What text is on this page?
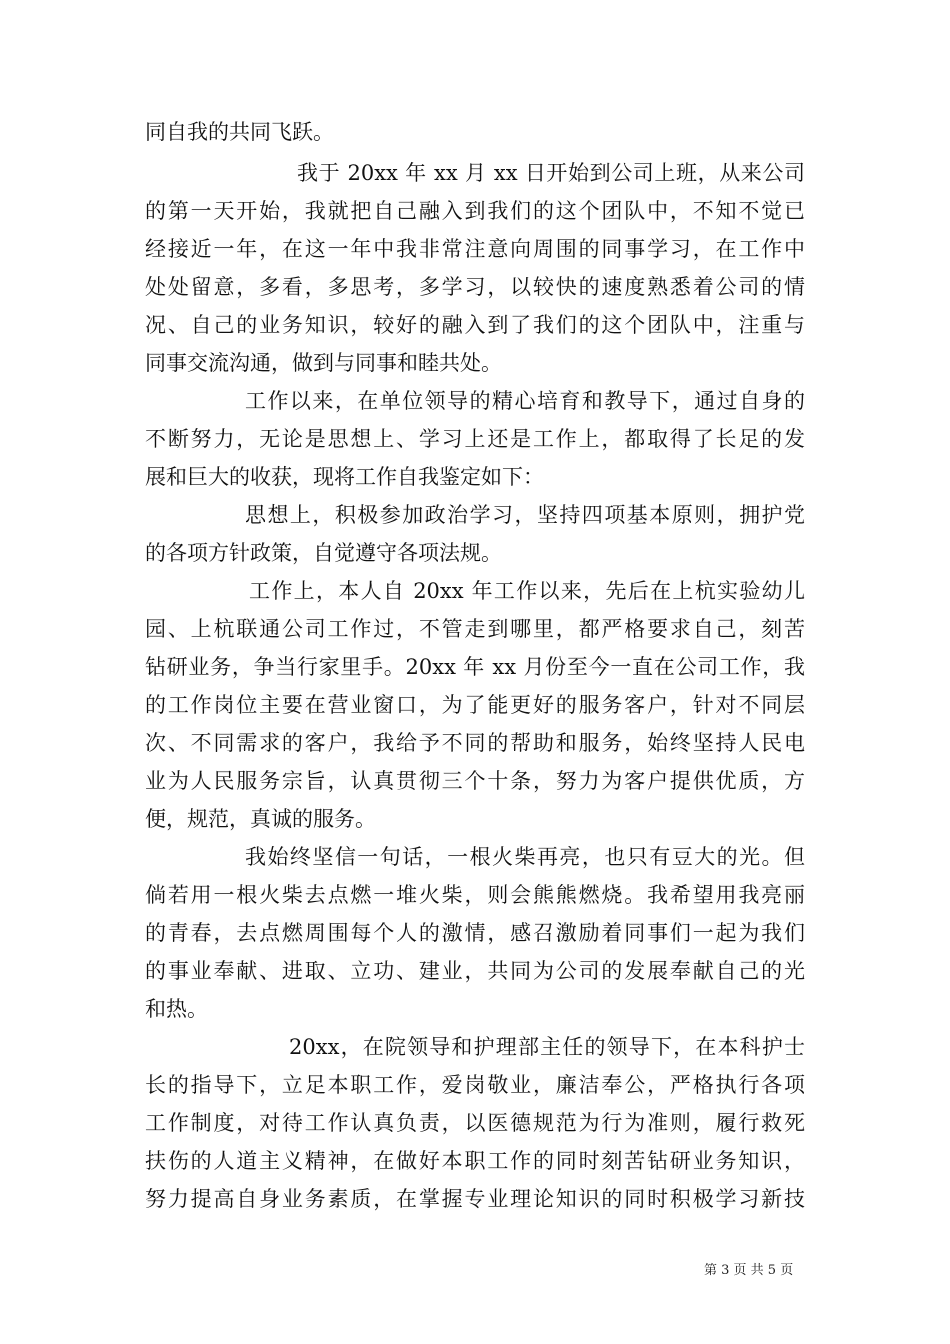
同自我的共同飞跃。
我于 20xx 年 xx 月 xx 日开始到公司上班，从来公司
的第一天开始，我就把自己融入到我们的这个团队中，不知不觉已
经接近一年，在这一年中我非常注意向周围的同事学习，在工作中
处处留意，多看，多思考，多学习，以较快的速度熟悉着公司的情
况、自己的业务知识，较好的融入到了我们的这个团队中，注重与
同事交流沟通，做到与同事和睦共处。
工作以来，在单位领导的精心培育和教导下，通过自身的
不断努力，无论是思想上、学习上还是工作上，都取得了长足的发
展和巨大的收获，现将工作自我鉴定如下：
思想上，积极参加政治学习，坚持四项基本原则，拥护党
的各项方针政策，自觉遵守各项法规。
工作上，本人自 20xx 年工作以来，先后在上杭实验幼儿
园、上杭联通公司工作过，不管走到哪里，都严格要求自己，刻苦
钻研业务，争当行家里手。20xx 年 xx 月份至今一直在公司工作，我
的工作岗位主要在营业窗口，为了能更好的服务客户，针对不同层
次、不同需求的客户，我给予不同的帮助和服务，始终坚持人民电
业为人民服务宗旨，认真贯彻三个十条，努力为客户提供优质，方
便，规范，真诚的服务。
我始终坚信一句话，一根火柴再亮，也只有豆大的光。但
倘若用一根火柴去点燃一堆火柴，则会熊熊燃烧。我希望用我亮丽
的青春，去点燃周围每个人的激情，感召激励着同事们一起为我们
的事业奉献、进取、立功、建业，共同为公司的发展奉献自己的光
和热。
20xx，在院领导和护理部主任的领导下，在本科护士
长的指导下，立足本职工作，爱岗敬业，廉洁奉公，严格执行各项
工作制度，对待工作认真负责，以医德规范为行为准则，履行救死
扶伤的人道主义精神，在做好本职工作的同时刻苦钻研业务知识，
努力提高自身业务素质，在掌握专业理论知识的同时积极学习新技
第 3 页 共 5 页
